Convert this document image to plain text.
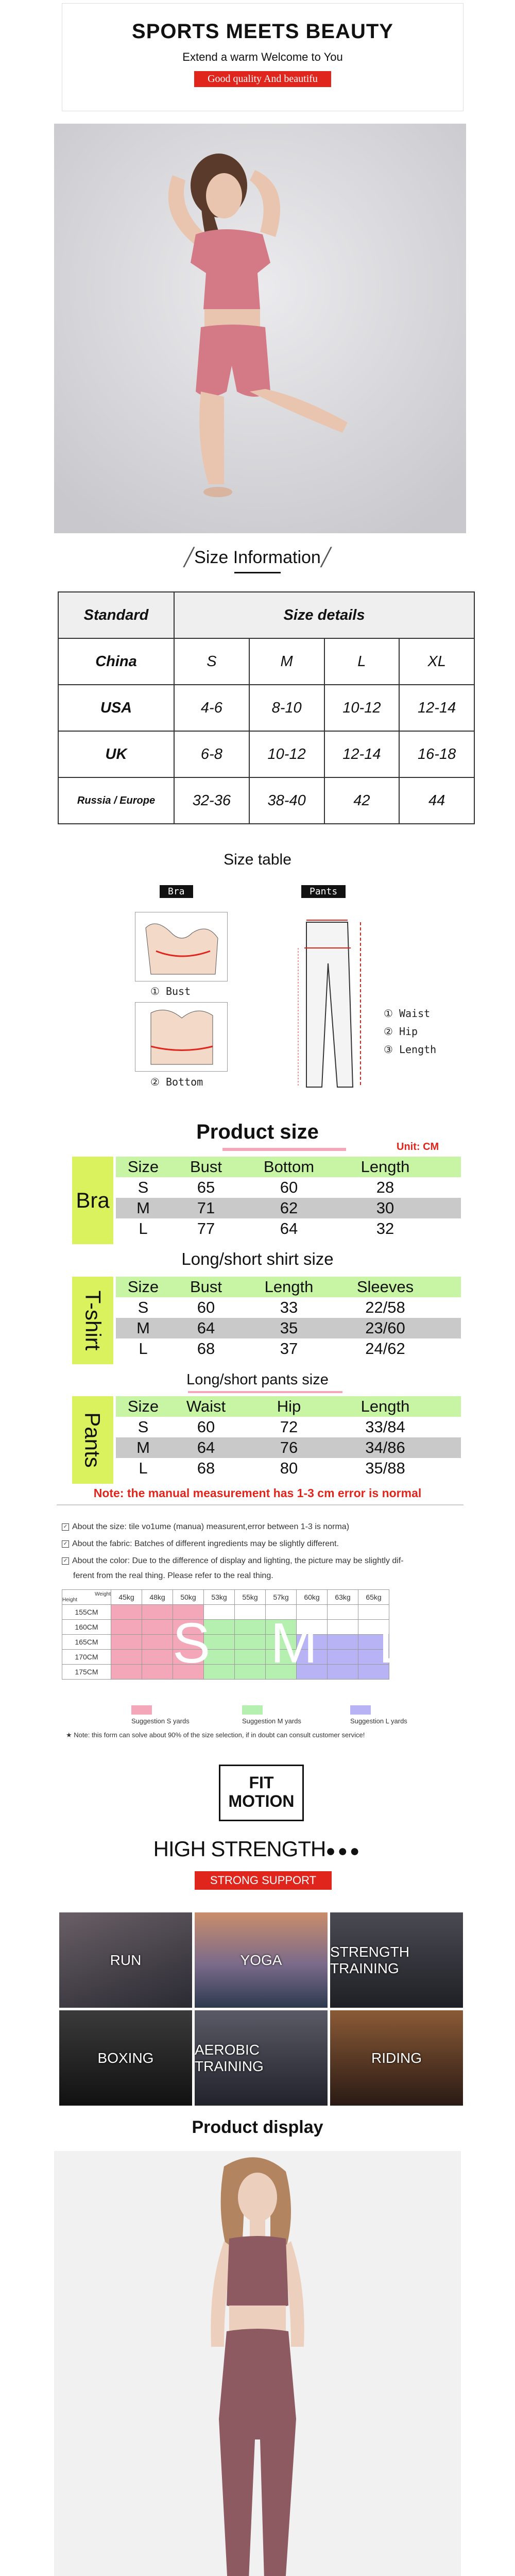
SPORTS MEETS BEAUTY
Extend a warm Welcome to You
Good quality And beautifu
╱Size Information╱
Standard	Size details			
China	S	M	L	XL
USA	4-6	8-10	10-12	12-14
UK	6-8	10-12	12-14	16-18
Russia / Europe	32-36	38-40	42	44
Size table
Bra	Pants
① Bust
② Bottom
① Waist
② Hip
③ Length
Product size
Unit: CM
Bra
Size	Bust	Bottom	Length
S	65	60	28
M	71	62	30
L	77	64	32
Long/short shirt size
T-shirt
Size	Bust	Length	Sleeves
S	60	33	22/58
M	64	35	23/60
L	68	37	24/62
Long/short pants size
Pants
Size	Waist	Hip	Length
S	60	72	33/84
M	64	76	34/86
L	68	80	35/88
Note: the manual measurement has 1-3 cm error is normal
✓ About the size: tile vo1ume (manua) measurent,error between 1-3 is norma)
✓ About the fabric: Batches of different ingredients may be slightly different.
✓ About the color: Due to the difference of display and lighting, the picture may be slightly dif-
ferent from the real thing. Please refer to the real thing.
Weight
Height	45kg	48kg	50kg	53kg	55kg	57kg	60kg	63kg	65kg
155CM									
160CM									
165CM									
170CM									
175CM									S M L
Suggestion S yards	Suggestion M yards	Suggestion L yards
★ Note: this form can solve about 90% of the size selection, if in doubt can consult customer service!
FIT
MOTION
HIGH STRENGTH●●●
STRONG SUPPORT
RUN	YOGA
STRENGTH TRAINING
BOXING
AEROBIC TRAINING
RIDING
Product display
